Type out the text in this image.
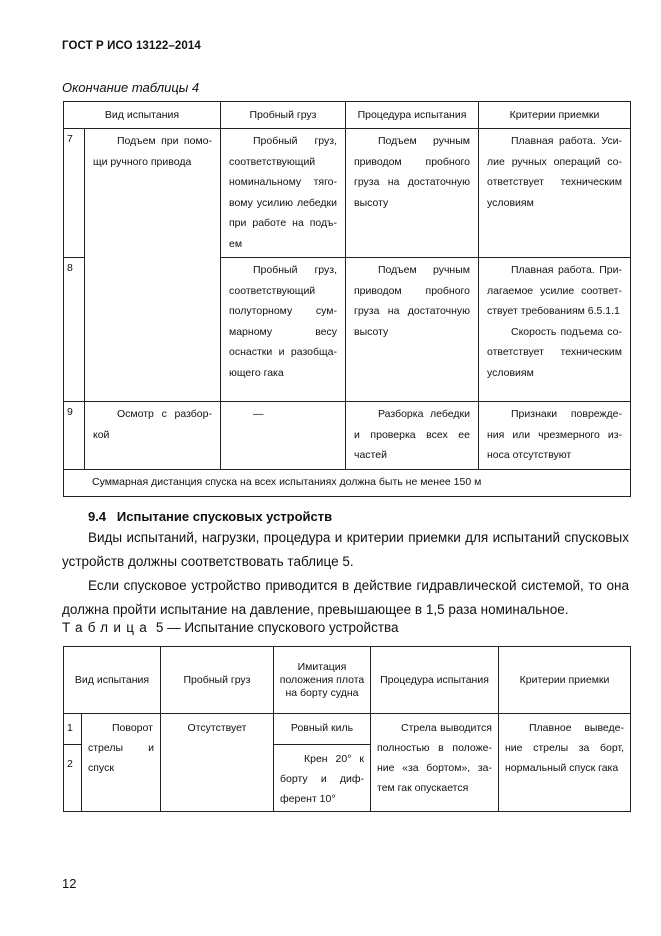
ГОСТ Р ИСО 13122–2014
Окончание таблицы 4
Вид испытания		Пробный груз	Процедура испытания	Критерии приемки
7	Подъем при помо-щи ручного привода	Пробный груз, соответствующий номинальному тяго-вому усилию лебедки при работе на подъ-ем	Подъем ручным приводом пробного груза на достаточную высоту	Плавная работа. Уси-лие ручных операций со-ответствует техническим условиям
8		Пробный груз, соответствующий полуторному сум-марному весу оснастки и разобща-ющего гака	Подъем ручным приводом пробного груза на достаточную высоту	Плавная работа. При-лагаемое усилие соответ-ствует требованиям 6.5.1.1
Скорость подъема со-ответствует техническим условиям

9	Осмотр с разбор-кой	—	Разборка лебедки и проверка всех ее частей	Признаки поврежде-ния или чрезмерного из-носа отсутствуют
Суммарная дистанция спуска на всех испытаниях должна быть не менее 150 м				
9.4 Испытание спусковых устройств
Виды испытаний, нагрузки, процедура и критерии приемки для испытаний спусковых устройств должны соответствовать таблице 5.
Если спусковое устройство приводится в действие гидравлической системой, то она должна пройти испытание на давление, превышающее в 1,5 раза номинальное.
Таблица 5 — Испытание спускового устройства
Вид испытания		Пробный груз	Имитация положения плота на борту судна	Процедура испытания	Критерии приемки
1	Поворот стрелы и спуск	Отсутствует	Ровный киль	Стрела выводится полностью в положе-ние «за бортом», за-тем гак опускается	Плавное выведе-ние стрелы за борт, нормальный спуск гака
2			Крен 20° к борту и диф-ферент 10°		
12
